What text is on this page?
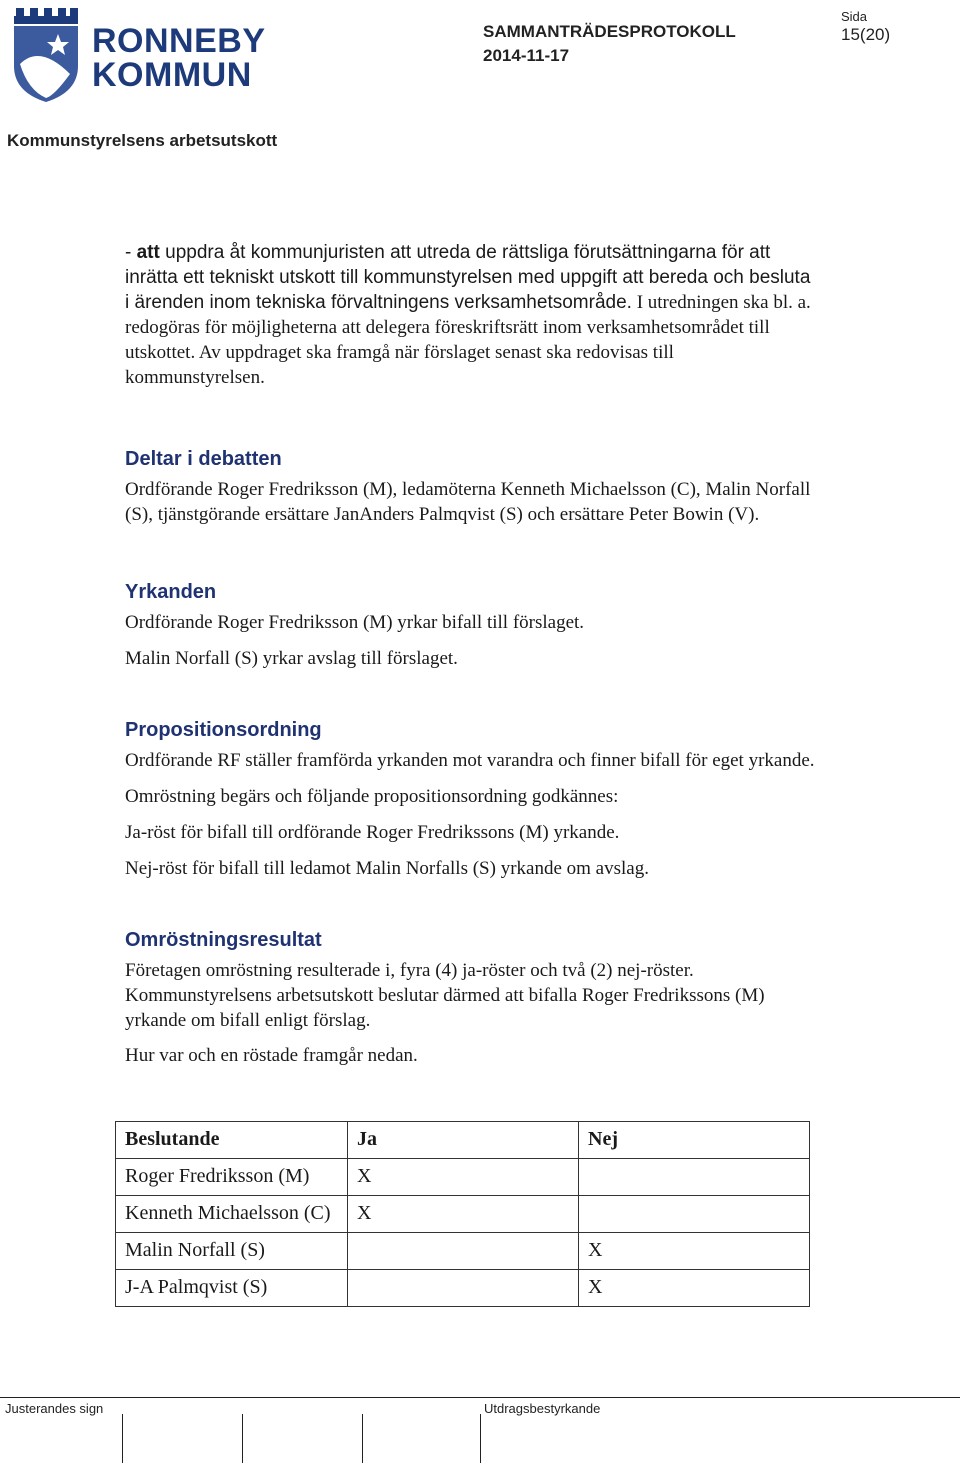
RONNEBY
KOMMUN
SAMMANTRÄDESPROTOKOLL
2014-11-17
Sida
15(20)
Kommunstyrelsens arbetsutskott

- att uppdra åt kommunjuristen att utreda de rättsliga förutsättningarna för att inrätta ett tekniskt utskott till kommunstyrelsen med uppgift att bereda och besluta i ärenden inom tekniska förvaltningens verksamhetsområde. I utredningen ska bl. a. redogöras för möjligheterna att delegera föreskriftsrätt inom verksamhetsområdet till utskottet. Av uppdraget ska framgå när förslaget senast ska redovisas till kommunstyrelsen.

Deltar i debatten

Ordförande Roger Fredriksson (M), ledamöterna Kenneth Michaelsson (C), Malin Norfall (S), tjänstgörande ersättare JanAnders Palmqvist (S) och ersättare Peter Bowin (V).

Yrkanden

Ordförande Roger Fredriksson (M) yrkar bifall till förslaget.

Malin Norfall (S) yrkar avslag till förslaget.

Propositionsordning

Ordförande RF ställer framförda yrkanden mot varandra och finner bifall för eget yrkande.

Omröstning begärs och följande propositionsordning godkännes:

Ja-röst för bifall till ordförande Roger Fredrikssons (M) yrkande.

Nej-röst för bifall till ledamot Malin Norfalls (S) yrkande om avslag.

Omröstningsresultat

Företagen omröstning resulterade i, fyra (4) ja-röster och två (2) nej-röster. Kommunstyrelsens arbetsutskott beslutar därmed att bifalla Roger Fredrikssons (M) yrkande om bifall enligt förslag.

Hur var och en röstade framgår nedan.

Beslutande	Ja	Nej
Roger Fredriksson (M)	X	
Kenneth Michaelsson (C)	X	
Malin Norfall (S)		X
J-A Palmqvist (S)		X
Justerandes sign	Utdragsbestyrkande
